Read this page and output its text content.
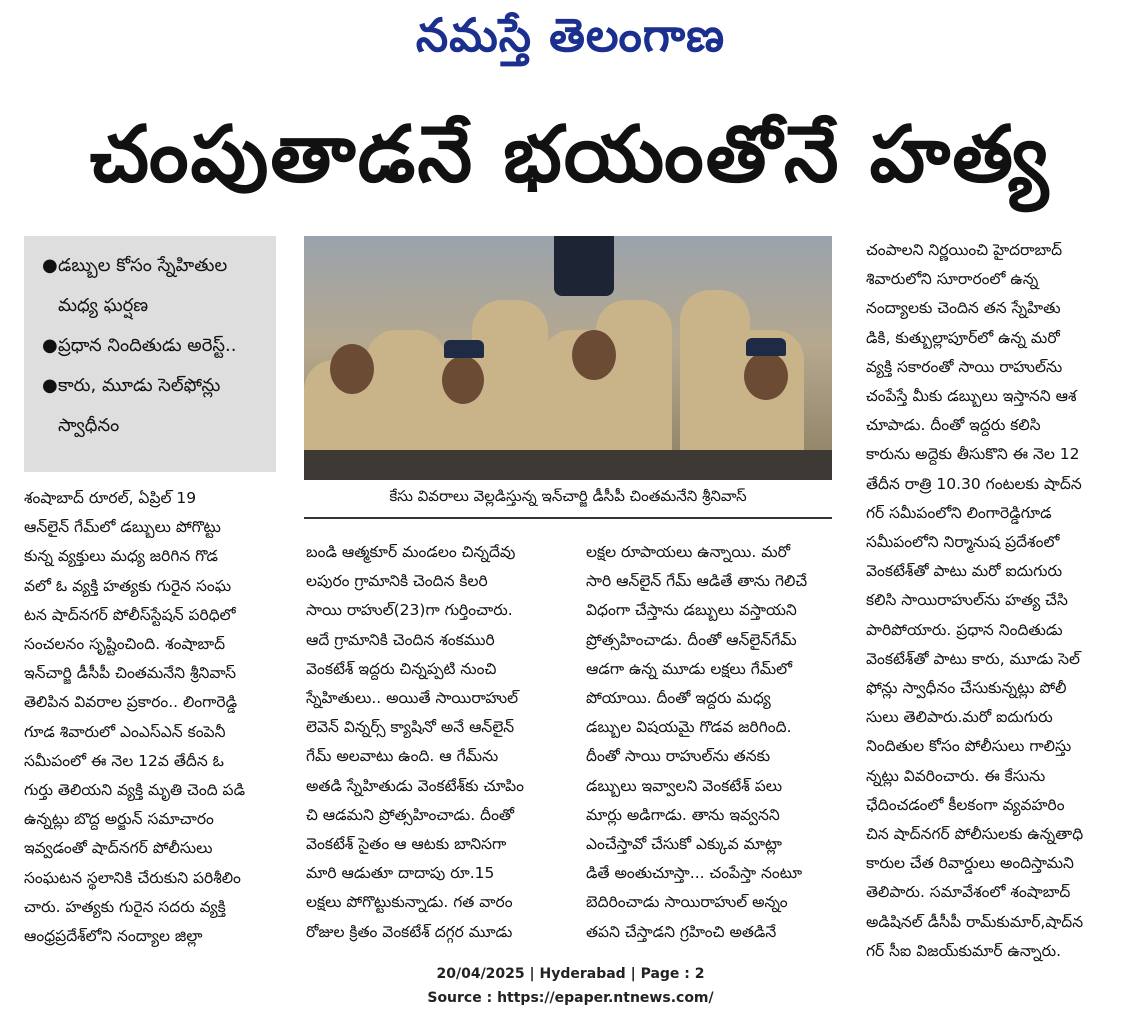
నమస్తే తెలంగాణ
చంపుతాడనే భయంతోనే హత్య
● డబ్బుల కోసం స్నేహితుల మధ్య ఘర్షణ
● ప్రధాన నిందితుడు అరెస్ట్..
● కారు, మూడు సెల్‌ఫోన్లు స్వాధీనం
కేసు వివరాలు వెల్లడిస్తున్న ఇన్‌చార్జి డీసీపీ చింతమనేని శ్రీనివాస్

శంషాబాద్ రూరల్, ఏప్రిల్ 19

ఆన్‌లైన్ గేమ్‌లో డబ్బులు పోగొట్టు

కున్న వ్యక్తులు మధ్య జరిగిన గొడ

వలో ఓ వ్యక్తి హత్యకు గురైన సంఘ

టన షాద్‌నగర్ పోలీస్‌స్టేషన్ పరిధిలో

సంచలనం సృష్టించింది. శంషాబాద్

ఇన్‌చార్జి డీసీపీ చింతమనేని శ్రీనివాస్

తెలిపిన వివరాల ప్రకారం.. లింగారెడ్డి

గూడ శివారులో ఎంఎస్ఎన్ కంపెనీ

సమీపంలో ఈ నెల 12వ తేదీన ఓ

గుర్తు తెలియని వ్యక్తి మృతి చెంది పడి

ఉన్నట్లు బొద్ద అర్జున్ సమాచారం

ఇవ్వడంతో షాద్‌నగర్ పోలీసులు

సంఘటన స్థలానికి చేరుకుని పరిశీలిం

చారు. హత్యకు గురైన సదరు వ్యక్తి

ఆంధ్రప్రదేశ్‌లోని నంద్యాల జిల్లా

బండి ఆత్మకూర్ మండలం చిన్నదేవు

లపురం గ్రామానికి చెందిన కిలరి

సాయి రాహుల్(23)గా గుర్తించారు.

ఆదే గ్రామానికి చెందిన శంకమురి

వెంకటేశ్ ఇద్దరు చిన్నప్పటి నుంచి

స్నేహితులు.. అయితే సాయిరాహుల్

లెవెన్ విన్నర్స్ క్యాషినో అనే ఆన్‌లైన్

గేమ్ అలవాటు ఉంది. ఆ గేమ్‌ను

అతడి స్నేహితుడు వెంకటేశ్‌కు చూపిం

చి ఆడమని ప్రోత్సహించాడు. దీంతో

వెంకటేశ్ సైతం ఆ ఆటకు బానిసగా

మారి ఆడుతూ దాదాపు రూ.15

లక్షలు పోగొట్టుకున్నాడు. గత వారం

రోజుల క్రితం వెంకటేశ్ దగ్గర మూడు

లక్షల రూపాయలు ఉన్నాయి. మరో

సారి ఆన్‌లైన్ గేమ్ ఆడితే తాను గెలిచే

విధంగా చేస్తాను డబ్బులు వస్తాయని

ప్రోత్సహించాడు. దీంతో ఆన్‌లైన్‌గేమ్

ఆడగా ఉన్న మూడు లక్షలు గేమ్‌లో

పోయాయి. దీంతో ఇద్దరు మధ్య

డబ్బుల విషయమై గొడవ జరిగింది.

దీంతో సాయి రాహుల్‌ను తనకు

డబ్బులు ఇవ్వాలని వెంకటేశ్ పలు

మార్లు అడిగాడు. తాను ఇవ్వనని

ఎంచేస్తావో చేసుకో ఎక్కువ మాట్లా

డితే అంతుచూస్తా... చంపేస్తా నంటూ

బెదిరించాడు సాయిరాహుల్ అన్నం

తపని చేస్తాడని గ్రహించి అతడినే

చంపాలని నిర్ణయించి హైదరాబాద్

శివారులోని సూరారంలో ఉన్న

నంద్యాలకు చెందిన తన స్నేహితు

డికి, కుత్బుల్లాపూర్‌లో ఉన్న మరో

వ్యక్తి సకారంతో సాయి రాహుల్‌ను

చంపేస్తే మీకు డబ్బులు ఇస్తానని ఆశ

చూపాడు. దీంతో ఇద్దరు కలిసి

కారును అద్దెకు తీసుకొని ఈ నెల 12

తేదీన రాత్రి 10.30 గంటలకు షాద్‌న

గర్ సమీపంలోని లింగారెడ్డిగూడ

సమీపంలోని నిర్మానుష ప్రదేశంలో

వెంకటేశ్‌తో పాటు మరో ఐదుగురు

కలిసి సాయిరాహుల్‌ను హత్య చేసి

పారిపోయారు. ప్రధాన నిందితుడు

వెంకటేశ్‌తో పాటు కారు, మూడు సెల్

ఫోన్లు స్వాధీనం చేసుకున్నట్లు పోలీ

సులు తెలిపారు.మరో ఐదుగురు

నిందితుల కోసం పోలీసులు గాలిస్తు

న్నట్లు వివరించారు. ఈ కేసును

ఛేదించడంలో కీలకంగా వ్యవహరిం

చిన షాద్‌నగర్ పోలీసులకు ఉన్నతాధి

కారుల చేత రివార్డులు అందిస్తామని

తెలిపారు. సమావేశంలో శంషాబాద్

అడిషినల్ డీసీపీ రామ్‌కుమార్,షాద్‌న

గర్ సీఐ విజయ్‌కుమార్ ఉన్నారు.

20/04/2025 | Hyderabad | Page : 2
Source : https://epaper.ntnews.com/
